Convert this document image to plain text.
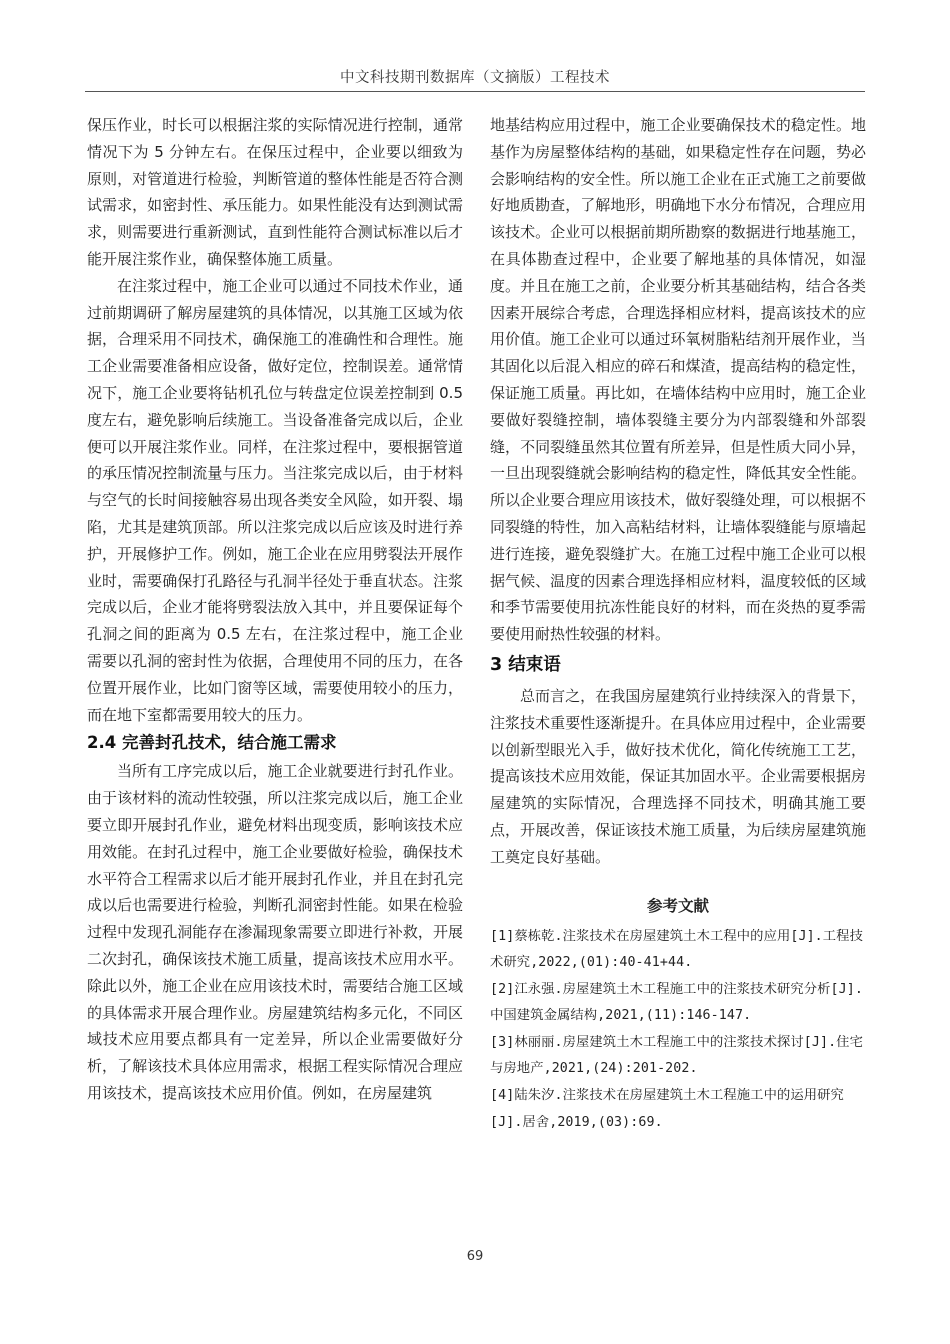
中文科技期刊数据库（文摘版）工程技术

保压作业，时长可以根据注浆的实际情况进行控制，通常情况下为 5 分钟左右。在保压过程中，企业要以细致为原则，对管道进行检验，判断管道的整体性能是否符合测试需求，如密封性、承压能力。如果性能没有达到测试需求，则需要进行重新测试，直到性能符合测试标准以后才能开展注浆作业，确保整体施工质量。

在注浆过程中，施工企业可以通过不同技术作业，通过前期调研了解房屋建筑的具体情况，以其施工区域为依据，合理采用不同技术，确保施工的准确性和合理性。施工企业需要准备相应设备，做好定位，控制误差。通常情况下，施工企业要将钻机孔位与转盘定位误差控制到 0.5 度左右，避免影响后续施工。当设备准备完成以后，企业便可以开展注浆作业。同样，在注浆过程中，要根据管道的承压情况控制流量与压力。当注浆完成以后，由于材料与空气的长时间接触容易出现各类安全风险，如开裂、塌陷，尤其是建筑顶部。所以注浆完成以后应该及时进行养护，开展修护工作。例如，施工企业在应用劈裂法开展作业时，需要确保打孔路径与孔洞半径处于垂直状态。注浆完成以后，企业才能将劈裂法放入其中，并且要保证每个孔洞之间的距离为 0.5 左右，在注浆过程中，施工企业需要以孔洞的密封性为依据，合理使用不同的压力，在各位置开展作业，比如门窗等区域，需要使用较小的压力，而在地下室都需要用较大的压力。

2.4 完善封孔技术，结合施工需求

当所有工序完成以后，施工企业就要进行封孔作业。由于该材料的流动性较强，所以注浆完成以后，施工企业要立即开展封孔作业，避免材料出现变质，影响该技术应用效能。在封孔过程中，施工企业要做好检验，确保技术水平符合工程需求以后才能开展封孔作业，并且在封孔完成以后也需要进行检验，判断孔洞密封性能。如果在检验过程中发现孔洞能存在渗漏现象需要立即进行补救，开展二次封孔，确保该技术施工质量，提高该技术应用水平。除此以外，施工企业在应用该技术时，需要结合施工区域的具体需求开展合理作业。房屋建筑结构多元化，不同区域技术应用要点都具有一定差异，所以企业需要做好分析，了解该技术具体应用需求，根据工程实际情况合理应用该技术，提高该技术应用价值。例如，在房屋建筑

地基结构应用过程中，施工企业要确保技术的稳定性。地基作为房屋整体结构的基础，如果稳定性存在问题，势必会影响结构的安全性。所以施工企业在正式施工之前要做好地质勘查，了解地形，明确地下水分布情况，合理应用该技术。企业可以根据前期所勘察的数据进行地基施工，在具体勘查过程中，企业要了解地基的具体情况，如湿度。并且在施工之前，企业要分析其基础结构，结合各类因素开展综合考虑，合理选择相应材料，提高该技术的应用价值。施工企业可以通过环氧树脂粘结剂开展作业，当其固化以后混入相应的碎石和煤渣，提高结构的稳定性，保证施工质量。再比如，在墙体结构中应用时，施工企业要做好裂缝控制，墙体裂缝主要分为内部裂缝和外部裂缝，不同裂缝虽然其位置有所差异，但是性质大同小异，一旦出现裂缝就会影响结构的稳定性，降低其安全性能。所以企业要合理应用该技术，做好裂缝处理，可以根据不同裂缝的特性，加入高粘结材料，让墙体裂缝能与原墙起进行连接，避免裂缝扩大。在施工过程中施工企业可以根据气候、温度的因素合理选择相应材料，温度较低的区域和季节需要使用抗冻性能良好的材料，而在炎热的夏季需要使用耐热性较强的材料。

3 结束语

总而言之，在我国房屋建筑行业持续深入的背景下，注浆技术重要性逐渐提升。在具体应用过程中，企业需要以创新型眼光入手，做好技术优化，简化传统施工工艺，提高该技术应用效能，保证其加固水平。企业需要根据房屋建筑的实际情况，合理选择不同技术，明确其施工要点，开展改善，保证该技术施工质量，为后续房屋建筑施工奠定良好基础。

参考文献
[1]蔡栋乾.注浆技术在房屋建筑土木工程中的应用[J].工程技术研究,2022,(01):40-41+44.
[2]江永强.房屋建筑土木工程施工中的注浆技术研究分析[J].中国建筑金属结构,2021,(11):146-147.
[3]林丽丽.房屋建筑土木工程施工中的注浆技术探讨[J].住宅与房地产,2021,(24):201-202.
[4]陆朱汐.注浆技术在房屋建筑土木工程施工中的运用研究[J].居舍,2019,(03):69.
69
